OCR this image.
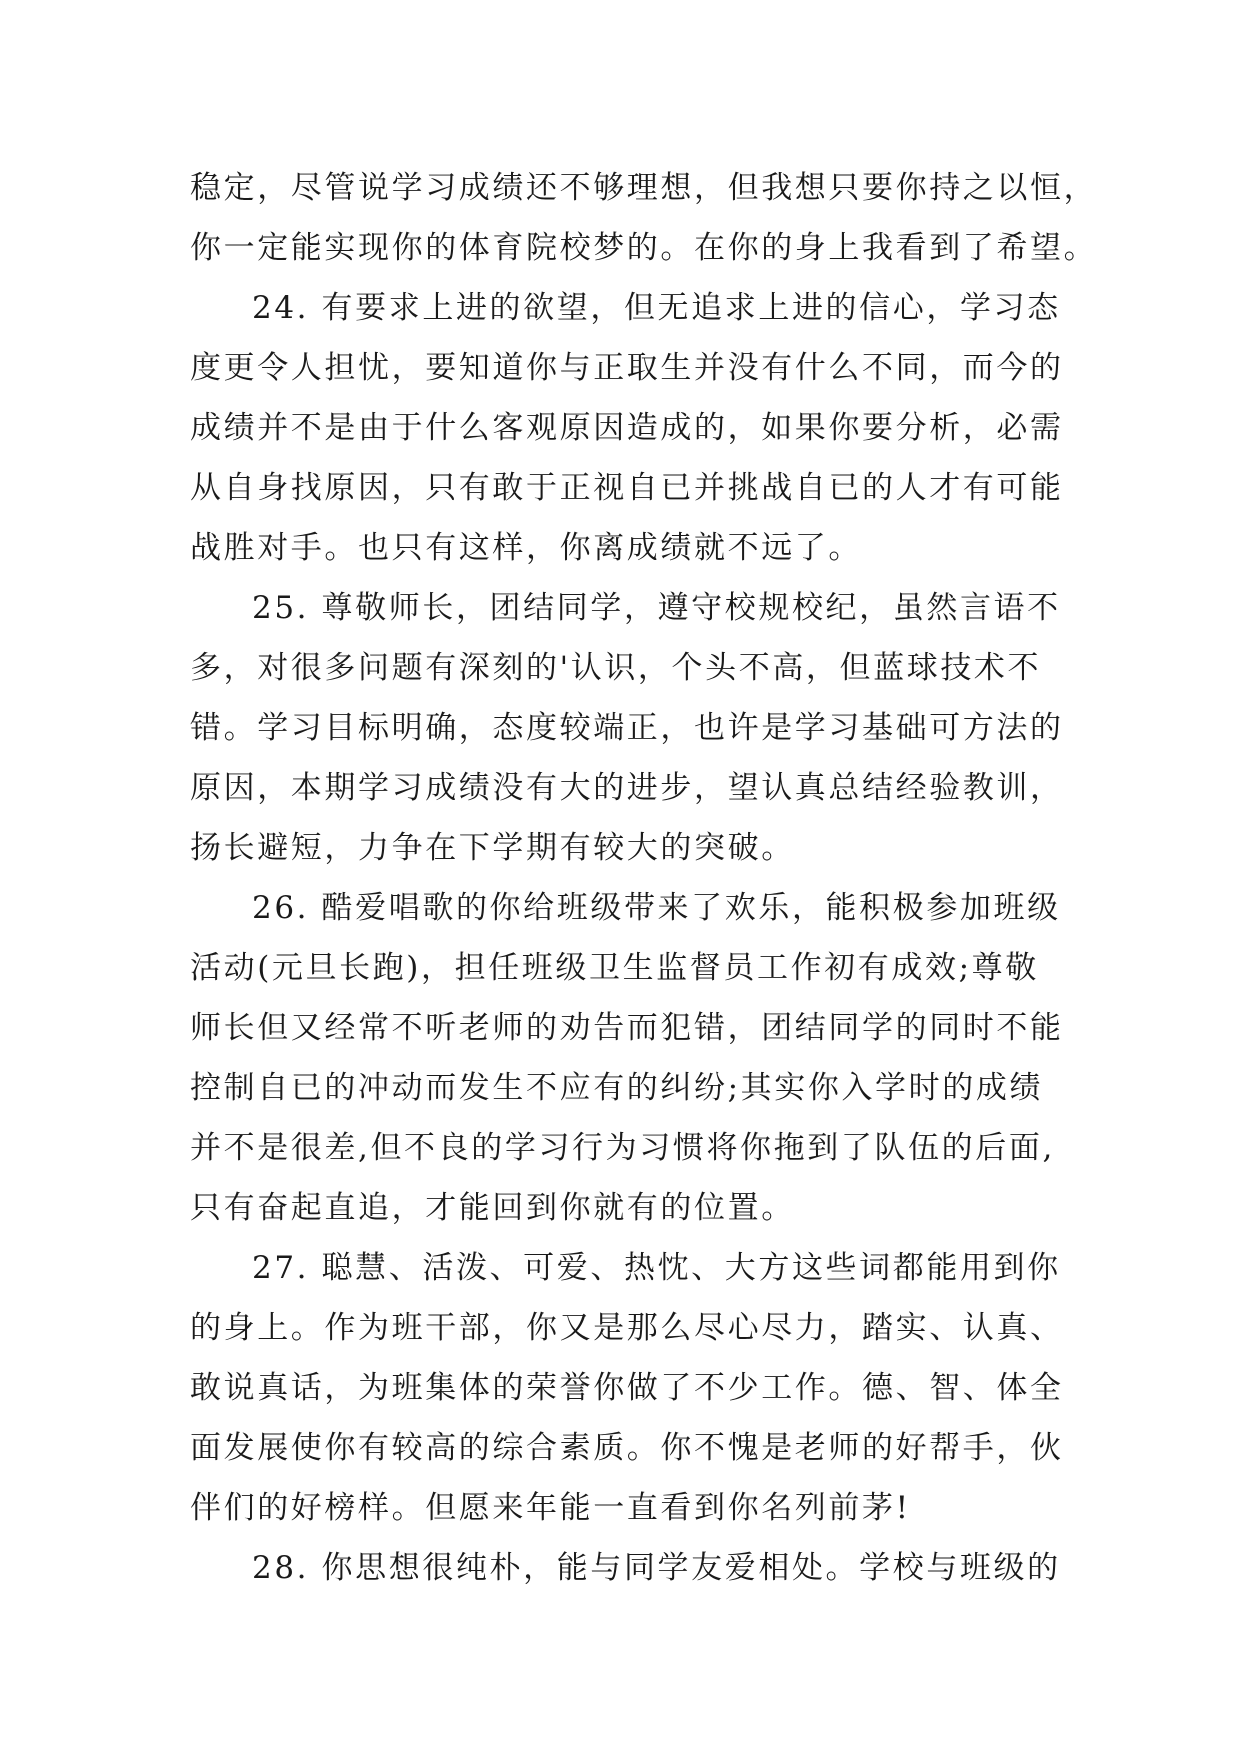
稳定，尽管说学习成绩还不够理想，但我想只要你持之以恒，
你一定能实现你的体育院校梦的。在你的身上我看到了希望。
24. 有要求上进的欲望，但无追求上进的信心，学习态
度更令人担忧，要知道你与正取生并没有什么不同，而今的
成绩并不是由于什么客观原因造成的，如果你要分析，必需
从自身找原因，只有敢于正视自已并挑战自已的人才有可能
战胜对手。也只有这样，你离成绩就不远了。
25. 尊敬师长，团结同学，遵守校规校纪，虽然言语不
多，对很多问题有深刻的'认识，个头不高，但蓝球技术不
错。学习目标明确，态度较端正，也许是学习基础可方法的
原因，本期学习成绩没有大的进步，望认真总结经验教训，
扬长避短，力争在下学期有较大的突破。
26. 酷爱唱歌的你给班级带来了欢乐，能积极参加班级
活动(元旦长跑)，担任班级卫生监督员工作初有成效;尊敬
师长但又经常不听老师的劝告而犯错，团结同学的同时不能
控制自已的冲动而发生不应有的纠纷;其实你入学时的成绩
并不是很差,但不良的学习行为习惯将你拖到了队伍的后面,
只有奋起直追，才能回到你就有的位置。
27. 聪慧、活泼、可爱、热忱、大方这些词都能用到你
的身上。作为班干部，你又是那么尽心尽力，踏实、认真、
敢说真话，为班集体的荣誉你做了不少工作。德、智、体全
面发展使你有较高的综合素质。你不愧是老师的好帮手，伙
伴们的好榜样。但愿来年能一直看到你名列前茅!
28. 你思想很纯朴，能与同学友爱相处。学校与班级的
